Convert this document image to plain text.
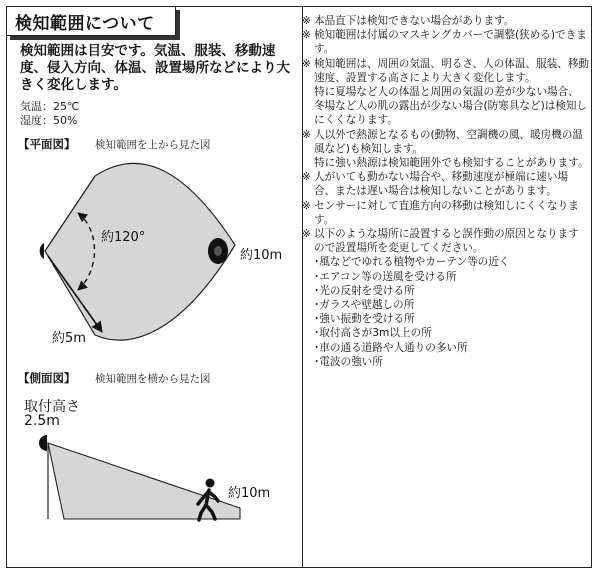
検知範囲について
検知範囲は目安です。気温、服装、移動速度、侵入方向、体温、設置場所などにより大きく変化します。
気温：25℃
湿度：50%
【平面図】 検知範囲を上から見た図
約120°
約10m
約5m
【側面図】 検知範囲を横から見た図
取付高さ
2.5m
約10m
※ 本品直下は検知できない場合があります。
※ 検知範囲は付属のマスキングカバーで調整(狭める)できます。
※ 検知範囲は、周囲の気温、明るさ、人の体温、服装、移動速度、設置する高さにより大きく変化します。
特に夏場など人の体温と周囲の気温の差が少ない場合、冬場など人の肌の露出が少ない場合(防寒具など)は検知しにくくなります。
※ 人以外で熱源となるもの(動物、空調機の風、暖房機の温風など)も検知します。
特に強い熱源は検知範囲外でも検知することがあります。
※ 人がいても動かない場合や、移動速度が極端に速い場合、または遅い場合は検知しないことがあります。
※ センサーに対して直進方向の移動は検知しにくくなります。
※ 以下のような場所に設置すると誤作動の原因となりますので設置場所を変更してください。
･風などでゆれる植物やカーテン等の近く
･エアコン等の送風を受ける所
･光の反射を受ける所
･ガラスや壁越しの所
･強い振動を受ける所
･取付高さが3m以上の所
･車の通る道路や人通りの多い所
･電波の強い所
